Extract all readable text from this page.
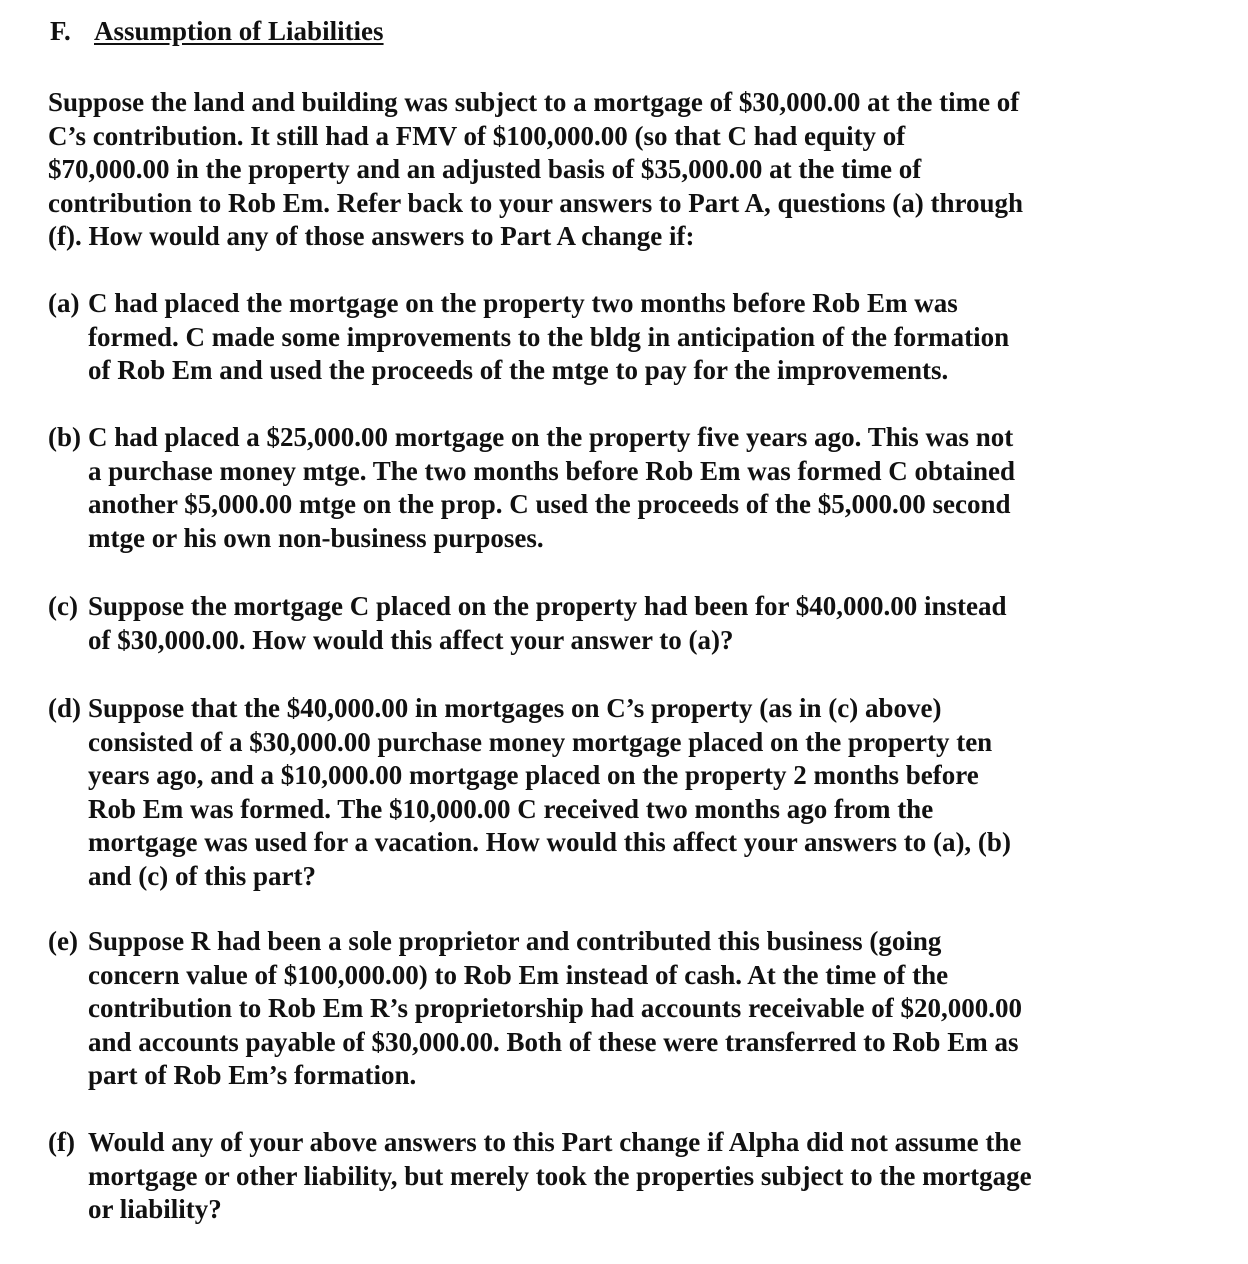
F. Assumption of Liabilities
Suppose the land and building was subject to a mortgage of $30,000.00 at the time of
C’s contribution. It still had a FMV of $100,000.00 (so that C had equity of
$70,000.00 in the property and an adjusted basis of $35,000.00 at the time of
contribution to Rob Em. Refer back to your answers to Part A, questions (a) through
(f). How would any of those answers to Part A change if:
(a) C had placed the mortgage on the property two months before Rob Em was
formed. C made some improvements to the bldg in anticipation of the formation
of Rob Em and used the proceeds of the mtge to pay for the improvements.
(b) C had placed a $25,000.00 mortgage on the property five years ago. This was not
a purchase money mtge. The two months before Rob Em was formed C obtained
another $5,000.00 mtge on the prop. C used the proceeds of the $5,000.00 second
mtge or his own non-business purposes.
(c) Suppose the mortgage C placed on the property had been for $40,000.00 instead
of $30,000.00. How would this affect your answer to (a)?
(d) Suppose that the $40,000.00 in mortgages on C’s property (as in (c) above)
consisted of a $30,000.00 purchase money mortgage placed on the property ten
years ago, and a $10,000.00 mortgage placed on the property 2 months before
Rob Em was formed. The $10,000.00 C received two months ago from the
mortgage was used for a vacation. How would this affect your answers to (a), (b)
and (c) of this part?
(e) Suppose R had been a sole proprietor and contributed this business (going
concern value of $100,000.00) to Rob Em instead of cash. At the time of the
contribution to Rob Em R’s proprietorship had accounts receivable of $20,000.00
and accounts payable of $30,000.00. Both of these were transferred to Rob Em as
part of Rob Em’s formation.
(f) Would any of your above answers to this Part change if Alpha did not assume the
mortgage or other liability, but merely took the properties subject to the mortgage
or liability?
